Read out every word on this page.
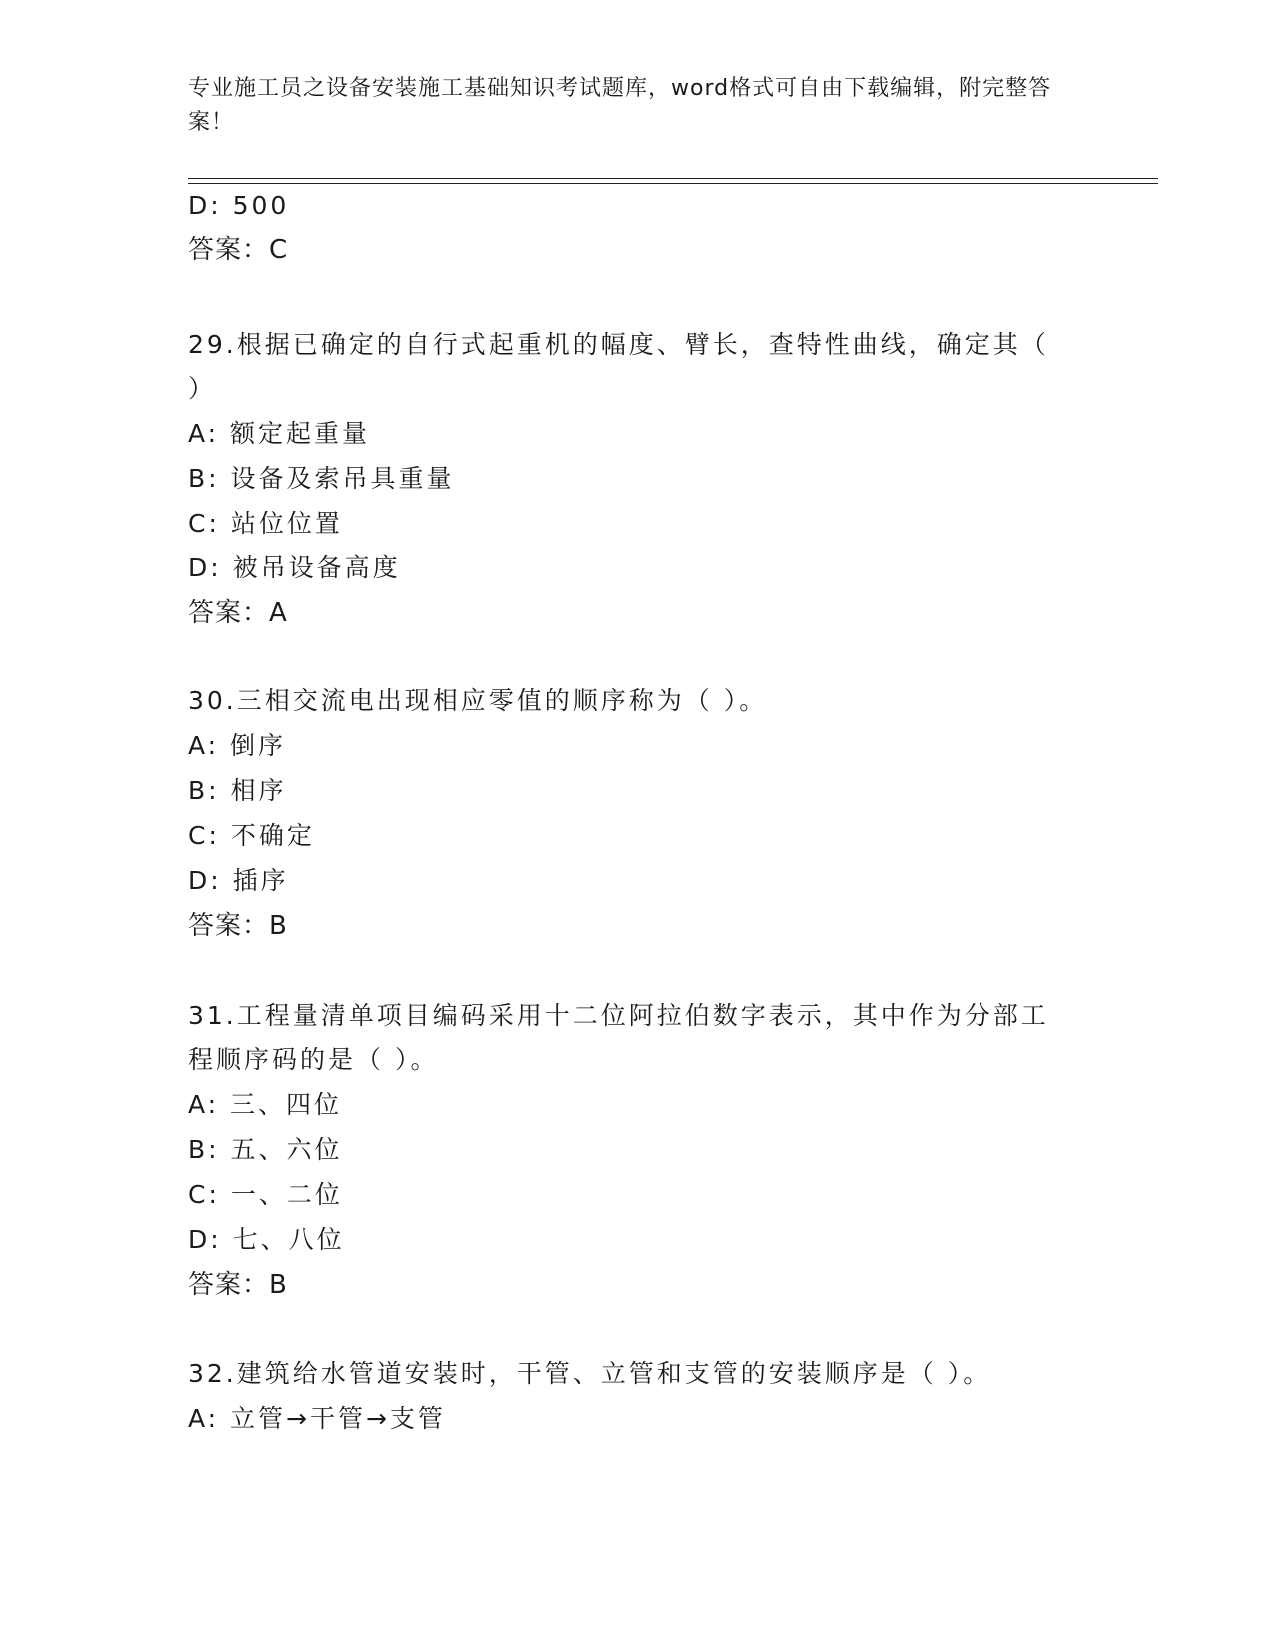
专业施工员之设备安装施工基础知识考试题库，word格式可自由下载编辑，附完整答案！
D: 500
答案：C
29.根据已确定的自行式起重机的幅度、臂长，查特性曲线，确定其（
）
A: 额定起重量
B: 设备及索吊具重量
C: 站位位置
D: 被吊设备高度
答案：A
30.三相交流电出现相应零值的顺序称为（ ）。
A: 倒序
B: 相序
C: 不确定
D: 插序
答案：B
31.工程量清单项目编码采用十二位阿拉伯数字表示，其中作为分部工
程顺序码的是（ ）。
A: 三、四位
B: 五、六位
C: 一、二位
D: 七、八位
答案：B
32.建筑给水管道安装时，干管、立管和支管的安装顺序是（ ）。
A: 立管→干管→支管
